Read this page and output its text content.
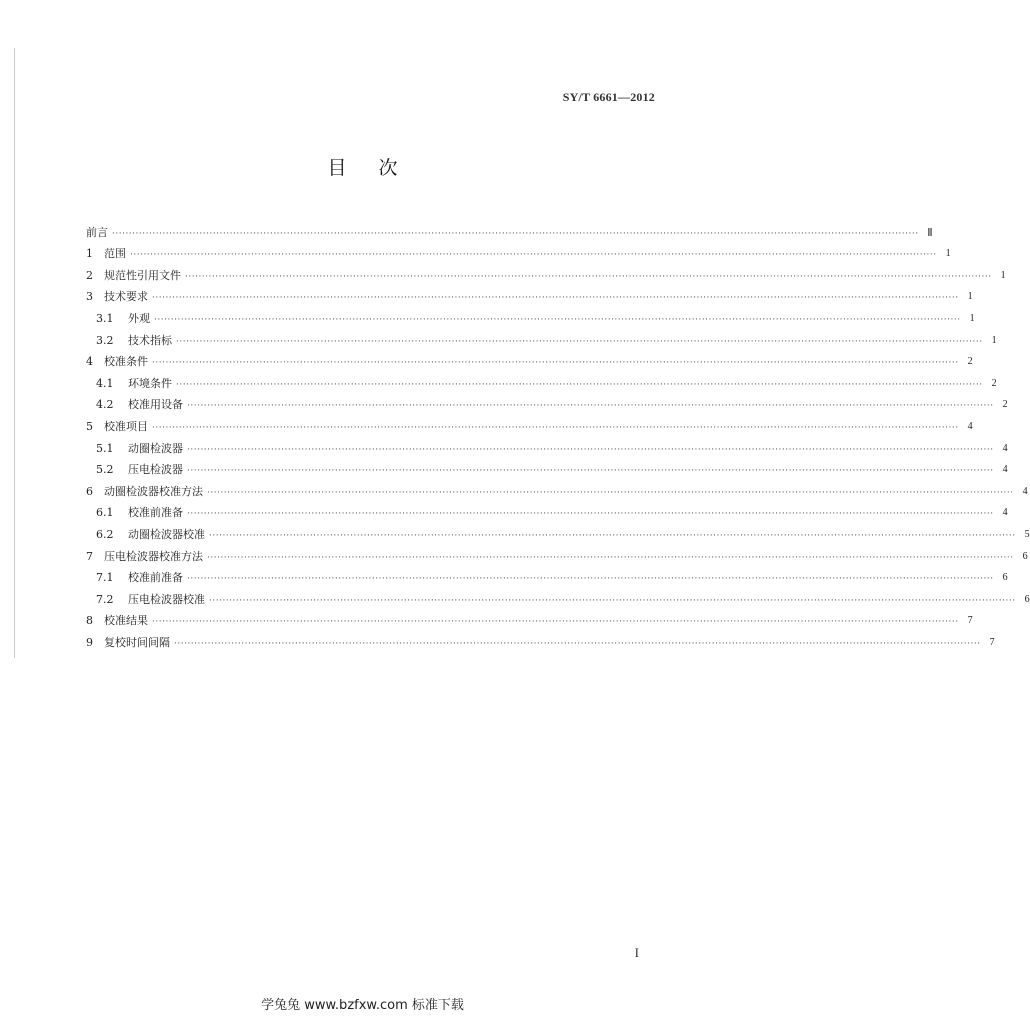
SY/T 6661—2012
目 次
前言 ················································································································································································································································ Ⅱ
1	范围 ················································································································································································································································ 1
2	规范性引用文件 ················································································································································································································································ 1
3	技术要求 ················································································································································································································································ 1
3.1	外观 ················································································································································································································································ 1
3.2	技术指标 ················································································································································································································································ 1
4	校准条件 ················································································································································································································································ 2
4.1	环境条件 ················································································································································································································································ 2
4.2	校准用设备 ················································································································································································································································ 2
5	校准项目 ················································································································································································································································ 4
5.1	动圈检波器 ················································································································································································································································ 4
5.2	压电检波器 ················································································································································································································································ 4
6	动圈检波器校准方法 ················································································································································································································································ 4
6.1	校准前准备 ················································································································································································································································ 4
6.2	动圈检波器校准 ················································································································································································································································ 5
7	压电检波器校准方法 ················································································································································································································································ 6
7.1	校准前准备 ················································································································································································································································ 6
7.2	压电检波器校准 ················································································································································································································································ 6
8	校准结果 ················································································································································································································································ 7
9	复校时间间隔 ················································································································································································································································ 7
I
学兔兔 www.bzfxw.com 标准下载
